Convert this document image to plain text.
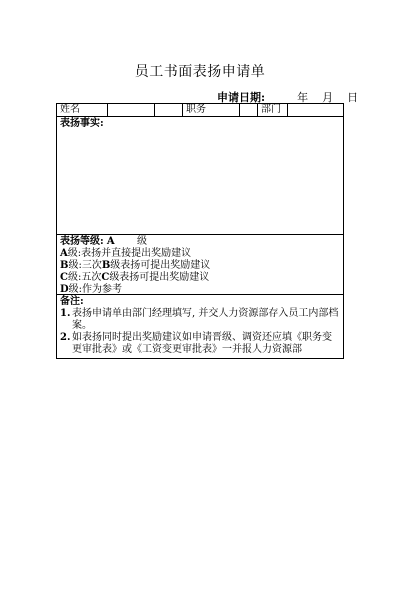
员工书面表扬申请单
申请日期:	年 月 日
姓名	职务	部门
表扬事实:
表扬等级: A 级
A级:表扬并直接提出奖励建议
B级:三次B级表扬可提出奖励建议
C级:五次C级表扬可提出奖励建议
D级:作为参考
备注:
1. 表扬申请单由部门经理填写, 并交人力资源部存入员工内部档 案。
2. 如表扬同时提出奖励建议如申请晋级、调资还应填《职务变更审批表》或《工资变更审批表》一并报人力资源部
